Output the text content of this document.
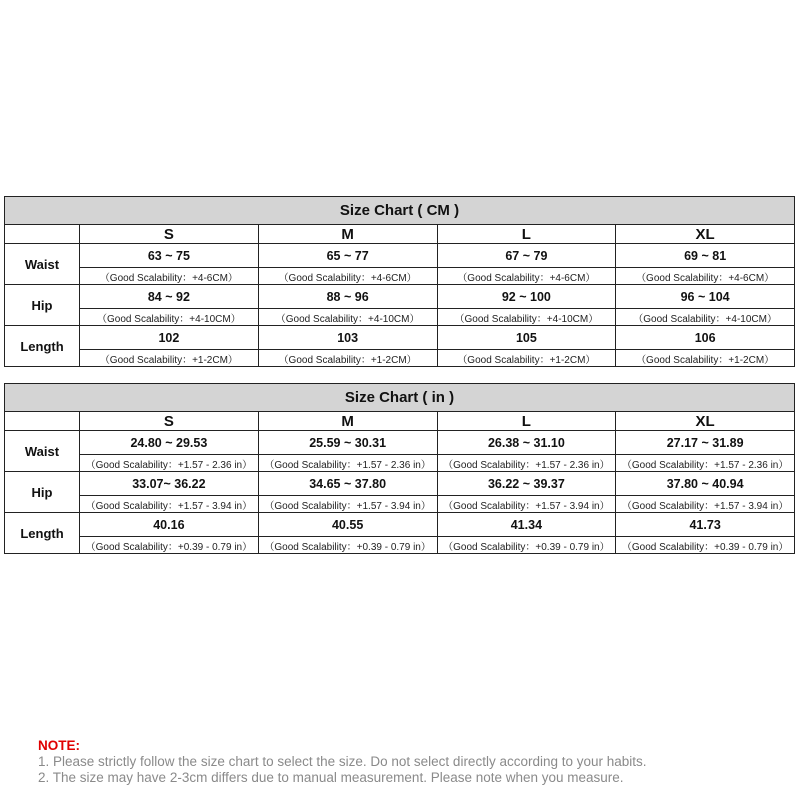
Size Chart ( CM )				
	S	M	L	XL
Waist	63 ~ 75	65 ~ 77	67 ~ 79	69 ~ 81
	（Good Scalability：+4-6CM）	（Good Scalability：+4-6CM）	（Good Scalability：+4-6CM）	（Good Scalability：+4-6CM）
Hip	84 ~ 92	88 ~ 96	92 ~ 100	96 ~ 104
	（Good Scalability：+4-10CM）	（Good Scalability：+4-10CM）	（Good Scalability：+4-10CM）	（Good Scalability：+4-10CM）
Length	102	103	105	106
	（Good Scalability：+1-2CM）	（Good Scalability：+1-2CM）	（Good Scalability：+1-2CM）	（Good Scalability：+1-2CM）
Size Chart ( in )				
	S	M	L	XL
Waist	24.80 ~ 29.53	25.59 ~ 30.31	26.38 ~ 31.10	27.17 ~ 31.89
	（Good Scalability：+1.57 - 2.36 in）	（Good Scalability：+1.57 - 2.36 in）	（Good Scalability：+1.57 - 2.36 in）	（Good Scalability：+1.57 - 2.36 in）
Hip	33.07~ 36.22	34.65 ~ 37.80	36.22 ~ 39.37	37.80 ~ 40.94
	（Good Scalability：+1.57 - 3.94 in）	（Good Scalability：+1.57 - 3.94 in）	（Good Scalability：+1.57 - 3.94 in）	（Good Scalability：+1.57 - 3.94 in）
Length	40.16	40.55	41.34	41.73
	（Good Scalability：+0.39 - 0.79 in）	（Good Scalability：+0.39 - 0.79 in）	（Good Scalability：+0.39 - 0.79 in）	（Good Scalability：+0.39 - 0.79 in）
NOTE:
1. Please strictly follow the size chart to select the size. Do not select directly according to your habits.
2. The size may have 2-3cm differs due to manual measurement. Please note when you measure.
